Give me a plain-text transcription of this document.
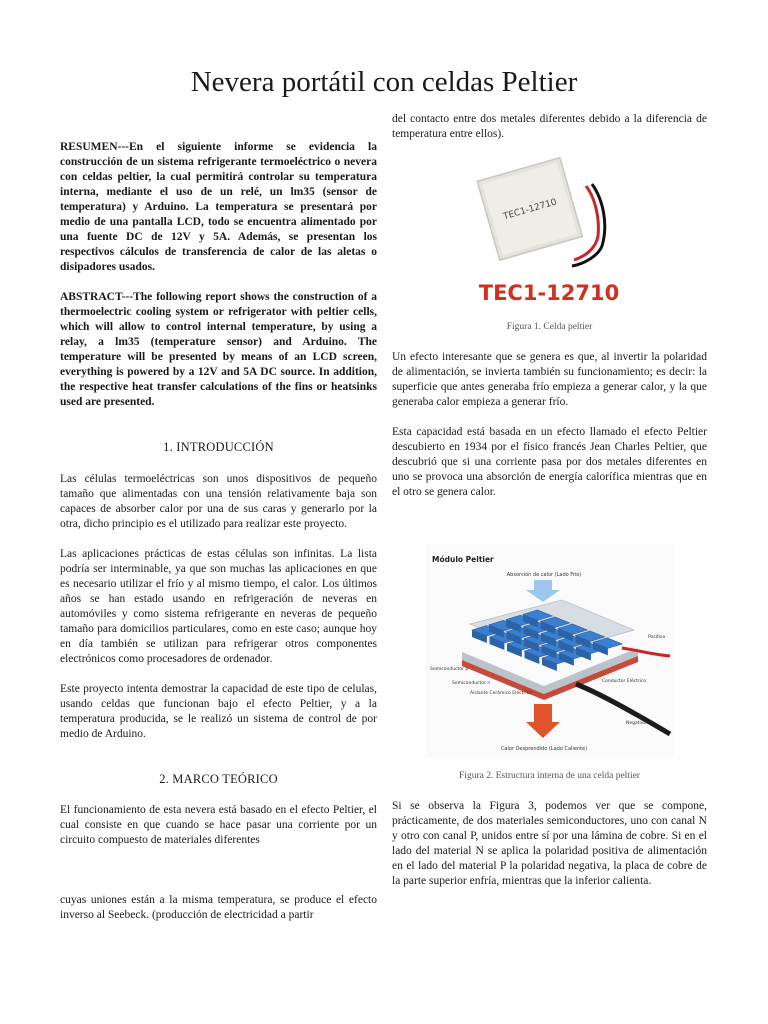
Nevera portátil con celdas Peltier

RESUMEN---En el siguiente informe se evidencia la construcción de un sistema refrigerante termoeléctrico o nevera con celdas peltier, la cual permitirá controlar su temperatura interna, mediante el uso de un relé, un lm35 (sensor de temperatura) y Arduino. La temperatura se presentará por medio de una pantalla LCD, todo se encuentra alimentado por una fuente DC de 12V y 5A. Además, se presentan los respectivos cálculos de transferencia de calor de las aletas o disipadores usados.

ABSTRACT---The following report shows the construction of a thermoelectric cooling system or refrigerator with peltier cells, which will allow to control internal temperature, by using a relay, a lm35 (temperature sensor) and Arduino. The temperature will be presented by means of an LCD screen, everything is powered by a 12V and 5A DC source. In addition, the respective heat transfer calculations of the fins or heatsinks used are presented.

1. INTRODUCCIÓN

Las células termoeléctricas son unos dispositivos de pequeño tamaño que alimentadas con una tensión relativamente baja son capaces de absorber calor por una de sus caras y generarlo por la otra, dicho principio es el utilizado para realizar este proyecto.

Las aplicaciones prácticas de estas células son infinitas. La lista podría ser interminable, ya que son muchas las aplicaciones en que es necesario utilizar el frío y al mismo tiempo, el calor. Los últimos años se han estado usando en refrigeración de neveras en automóviles y como sistema refrigerante en neveras de pequeño tamaño para domicilios particulares, como en este caso; aunque hoy en día también se utilizan para refrigerar otros componentes electrónicos como procesadores de ordenador.

Este proyecto intenta demostrar la capacidad de este tipo de celulas, usando celdas que funcionan bajo el efecto Peltier, y a la temperatura producida, se le realizó un sistema de control de por medio de Arduino.

2. MARCO TEÓRICO

El funcionamiento de esta nevera está basado en el efecto Peltier, el cual consiste en que cuando se hace pasar una corriente por un circuito compuesto de materiales diferentes

cuyas uniones están a la misma temperatura, se produce el efecto inverso al Seebeck. (producción de electricidad a partir

del contacto entre dos metales diferentes debido a la diferencia de temperatura entre ellos).

TEC1-12710
TEC1-12710
Figura 1. Celda peltier

Un efecto interesante que se genera es que, al invertir la polaridad de alimentación, se invierta también su funcionamiento; es decir: la superficie que antes generaba frío empieza a generar calor, y la que generaba calor empieza a generar frío.

Esta capacidad está basada en un efecto llamado el efecto Peltier descubierto en 1934 por el físico francés Jean Charles Peltier, que descubrió que si una corriente pasa por dos metales diferentes en uno se provoca una absorción de energía calorífica mientras que en el otro se genera calor.

Módulo Peltier
Absorción de calor (Lado Frío)
Positivo
Negativo
Semiconductor p
Semiconductor n	Conductor Eléctrico
Aislante Cerámico Eléctrico
Calor Desprendido (Lado Caliente)
Figura 2. Estructura interna de una celda peltier

Si se observa la Figura 3, podemos ver que se compone, prácticamente, de dos materiales semiconductores, uno con canal N y otro con canal P, unidos entre sí por una lámina de cobre. Si en el lado del material N se aplica la polaridad positiva de alimentación en el lado del material P la polaridad negativa, la placa de cobre de la parte superior enfría, mientras que la inferior calienta.
